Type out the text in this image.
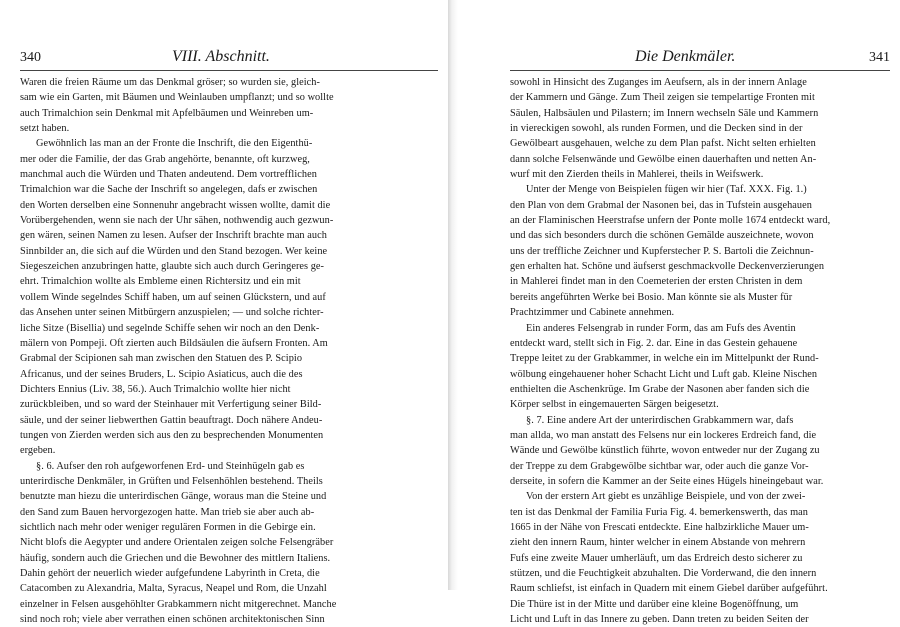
340	VIII. Abschnitt.
Waren die freien Räume um das Denkmal gröser; so wurden sie, gleich-
sam wie ein Garten, mit Bäumen und Weinlauben umpflanzt; und so wollte
auch Trimalchion sein Denkmal mit Apfelbäumen und Weinreben um-
setzt haben.
Gewöhnlich las man an der Fronte die Inschrift, die den Eigenthü-
mer oder die Familie, der das Grab angehörte, benannte, oft kurzweg,
manchmal auch die Würden und Thaten andeutend. Dem vortrefflichen
Trimalchion war die Sache der Inschrift so angelegen, dafs er zwischen
den Worten derselben eine Sonnenuhr angebracht wissen wollte, damit die
Vorübergehenden, wenn sie nach der Uhr sähen, nothwendig auch gezwun-
gen wären, seinen Namen zu lesen. Aufser der Inschrift brachte man auch
Sinnbilder an, die sich auf die Würden und den Stand bezogen. Wer keine
Siegeszeichen anzubringen hatte, glaubte sich auch durch Geringeres ge-
ehrt. Trimalchion wollte als Embleme einen Richtersitz und ein mit
vollem Winde segelndes Schiff haben, um auf seinen Glückstern, und auf
das Ansehen unter seinen Mitbürgern anzuspielen; — und solche richter-
liche Sitze (Bisellia) und segelnde Schiffe sehen wir noch an den Denk-
mälern von Pompeji. Oft zierten auch Bildsäulen die äufsern Fronten. Am
Grabmal der Scipionen sah man zwischen den Statuen des P. Scipio
Africanus, und der seines Bruders, L. Scipio Asiaticus, auch die des
Dichters Ennius (Liv. 38, 56.). Auch Trimalchio wollte hier nicht
zurückbleiben, und so ward der Steinhauer mit Verfertigung seiner Bild-
säule, und der seiner liebwerthen Gattin beauftragt. Doch nähere Andeu-
tungen von Zierden werden sich aus den zu besprechenden Monumenten
ergeben.
§. 6. Aufser den roh aufgeworfenen Erd- und Steinhügeln gab es
unterirdische Denkmäler, in Grüften und Felsenhöhlen bestehend. Theils
benutzte man hiezu die unterirdischen Gänge, woraus man die Steine und
den Sand zum Bauen hervorgezogen hatte. Man trieb sie aber auch ab-
sichtlich nach mehr oder weniger regulären Formen in die Gebirge ein.
Nicht blofs die Aegypter und andere Orientalen zeigen solche Felsengräber
häufig, sondern auch die Griechen und die Bewohner des mittlern Italiens.
Dahin gehört der neuerlich wieder aufgefundene Labyrinth in Creta, die
Catacomben zu Alexandria, Malta, Syracus, Neapel und Rom, die Unzahl
einzelner in Felsen ausgehöhlter Grabkammern nicht mitgerechnet. Manche
sind noch roh; viele aber verrathen einen schönen architektonischen Sinn
Die Denkmäler.	341
sowohl in Hinsicht des Zuganges im Aeufsern, als in der innern Anlage
der Kammern und Gänge. Zum Theil zeigen sie tempelartige Fronten mit
Säulen, Halbsäulen und Pilastern; im Innern wechseln Säle und Kammern
in viereckigen sowohl, als runden Formen, und die Decken sind in der
Gewölbeart ausgehauen, welche zu dem Plan pafst. Nicht selten erhielten
dann solche Felsenwände und Gewölbe einen dauerhaften und netten An-
wurf mit den Zierden theils in Mahlerei, theils in Weifswerk.
Unter der Menge von Beispielen fügen wir hier (Taf. XXX. Fig. 1.)
den Plan von dem Grabmal der Nasonen bei, das in Tufstein ausgehauen
an der Flaminischen Heerstrafse unfern der Ponte molle 1674 entdeckt ward,
und das sich besonders durch die schönen Gemälde auszeichnete, wovon
uns der treffliche Zeichner und Kupferstecher P. S. Bartoli die Zeichnun-
gen erhalten hat. Schöne und äufserst geschmackvolle Deckenverzierungen
in Mahlerei findet man in den Coemeterien der ersten Christen in dem
bereits angeführten Werke bei Bosio. Man könnte sie als Muster für
Prachtzimmer und Cabinete annehmen.
Ein anderes Felsengrab in runder Form, das am Fufs des Aventin
entdeckt ward, stellt sich in Fig. 2. dar. Eine in das Gestein gehauene
Treppe leitet zu der Grabkammer, in welche ein im Mittelpunkt der Rund-
wölbung eingehauener hoher Schacht Licht und Luft gab. Kleine Nischen
enthielten die Aschenkrüge. Im Grabe der Nasonen aber fanden sich die
Körper selbst in eingemauerten Särgen beigesetzt.
§. 7. Eine andere Art der unterirdischen Grabkammern war, dafs
man allda, wo man anstatt des Felsens nur ein lockeres Erdreich fand, die
Wände und Gewölbe künstlich führte, wovon entweder nur der Zugang zu
der Treppe zu dem Grabgewölbe sichtbar war, oder auch die ganze Vor-
derseite, in sofern die Kammer an der Seite eines Hügels hineingebaut war.
Von der erstern Art giebt es unzählige Beispiele, und von der zwei-
ten ist das Denkmal der Familia Furia Fig. 4. bemerkenswerth, das man
1665 in der Nähe von Frescati entdeckte. Eine halbzirkliche Mauer um-
zieht den innern Raum, hinter welcher in einem Abstande von mehrern
Fufs eine zweite Mauer umherläuft, um das Erdreich desto sicherer zu
stützen, und die Feuchtigkeit abzuhalten. Die Vorderwand, die den innern
Raum schliefst, ist einfach in Quadern mit einem Giebel darüber aufgeführt.
Die Thüre ist in der Mitte und darüber eine kleine Bogenöffnung, um
Licht und Luft in das Innere zu geben. Dann treten zu beiden Seiten der
